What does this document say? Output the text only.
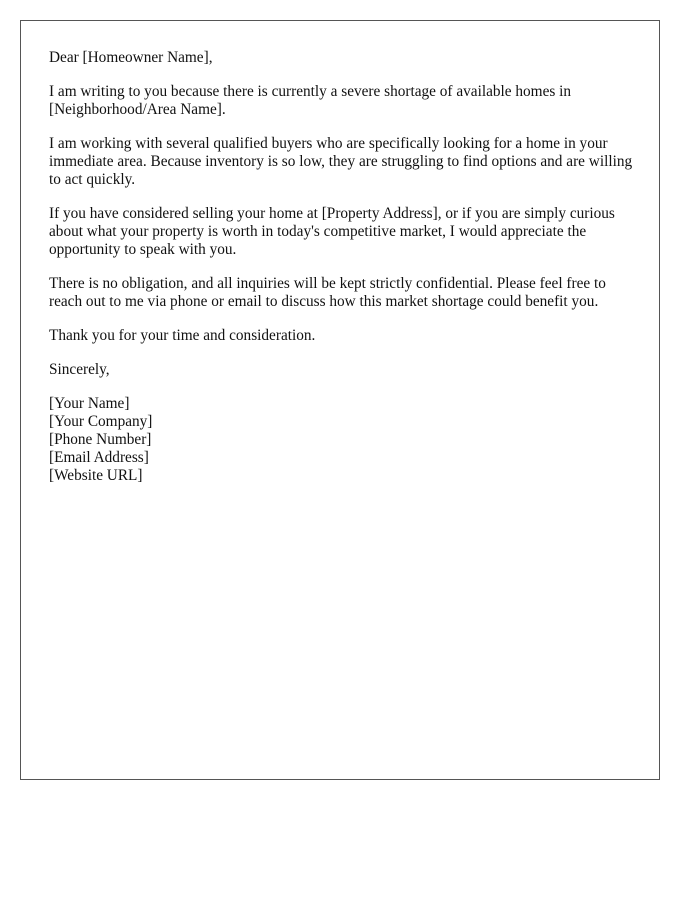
Dear [Homeowner Name],

I am writing to you because there is currently a severe shortage of available homes in [Neighborhood/Area Name].

I am working with several qualified buyers who are specifically looking for a home in your immediate area. Because inventory is so low, they are struggling to find options and are willing to act quickly.

If you have considered selling your home at [Property Address], or if you are simply curious about what your property is worth in today's competitive market, I would appreciate the opportunity to speak with you.

There is no obligation, and all inquiries will be kept strictly confidential. Please feel free to reach out to me via phone or email to discuss how this market shortage could benefit you.

Thank you for your time and consideration.

Sincerely,

[Your Name]
[Your Company]
[Phone Number]
[Email Address]
[Website URL]
